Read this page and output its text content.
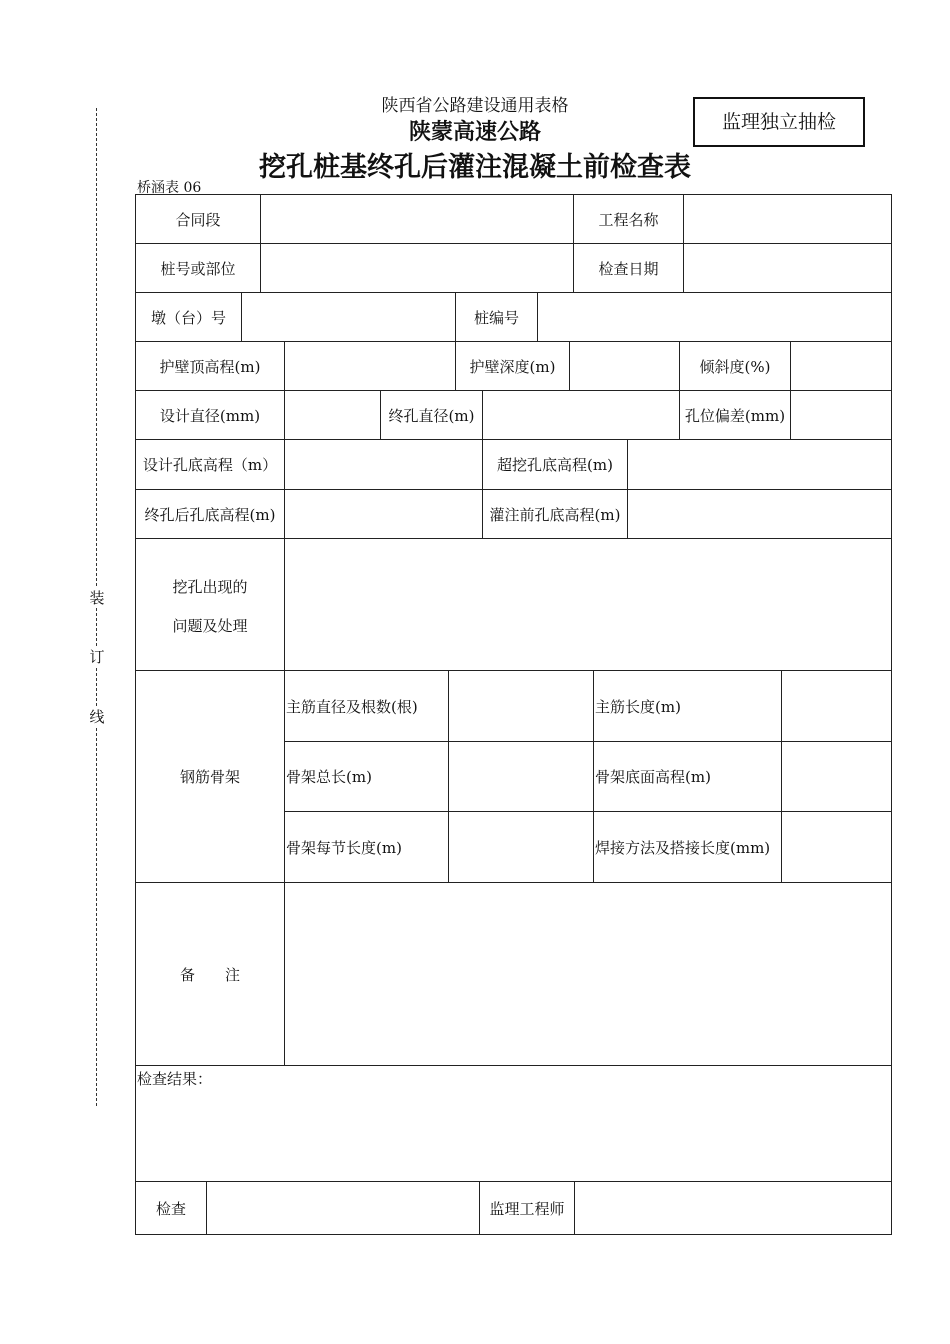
陕西省公路建设通用表格
陕蒙高速公路
挖孔桩基终孔后灌注混凝土前检查表
监理独立抽检
桥涵表 06
装
订
线
合同段	工程名称
桩号或部位	检查日期
墩（台）号	桩编号
护壁顶高程(m)	护壁深度(m)	倾斜度(%)
设计直径(mm)	终孔直径(m)	孔位偏差(mm)
设计孔底高程（m）	超挖孔底高程(m)
终孔后孔底高程(m)	灌注前孔底高程(m)
挖孔出现的
问题及处理
钢筋骨架
主筋直径及根数(根)	主筋长度(m)
骨架总长(m)	骨架底面高程(m)
骨架每节长度(m)	焊接方法及搭接长度(mm)
备　　注
检查结果：
检查	监理工程师
